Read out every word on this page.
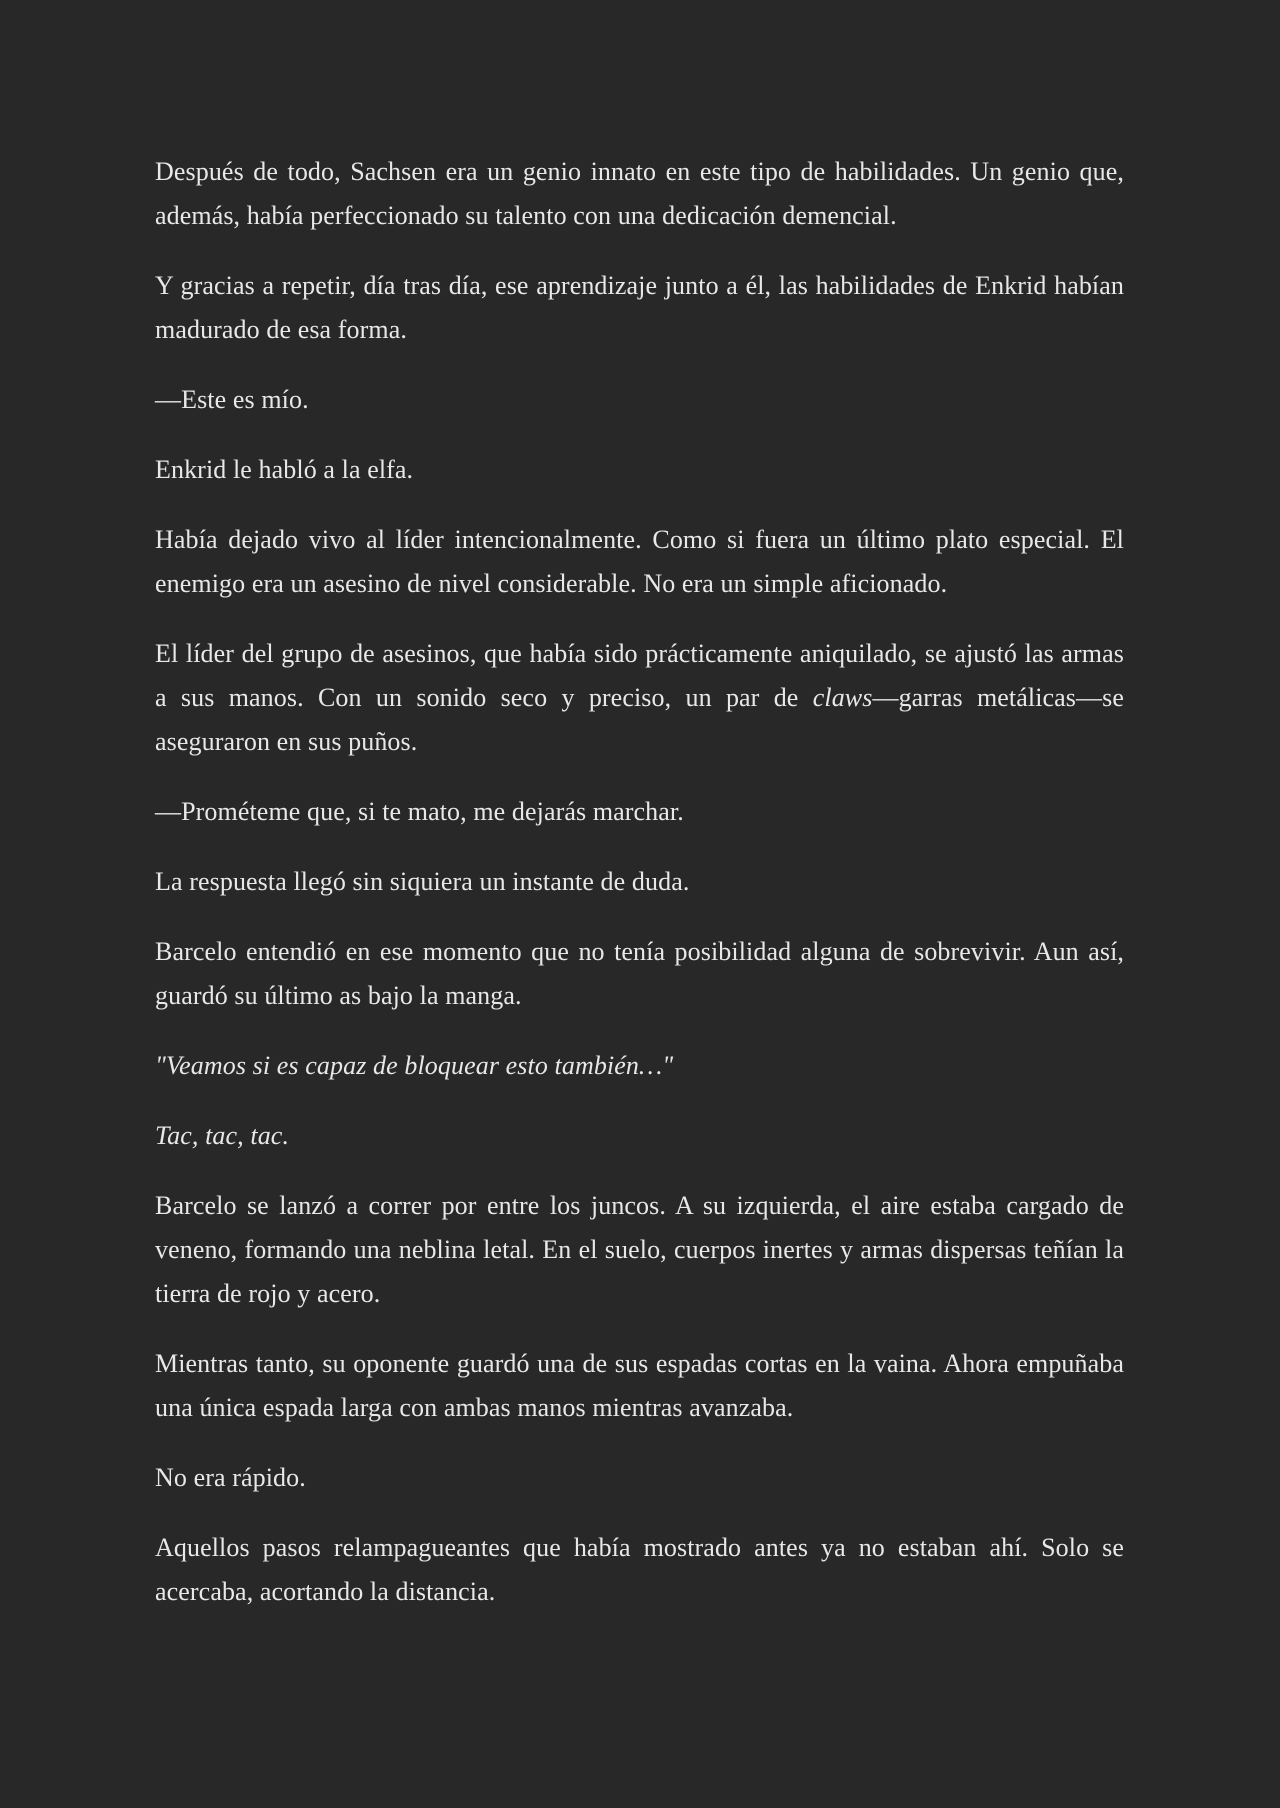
Después de todo, Sachsen era un genio innato en este tipo de habilidades. Un genio que, además, había perfeccionado su talento con una dedicación demencial.

Y gracias a repetir, día tras día, ese aprendizaje junto a él, las habilidades de Enkrid habían madurado de esa forma.

—Este es mío.

Enkrid le habló a la elfa.

Había dejado vivo al líder intencionalmente. Como si fuera un último plato especial. El enemigo era un asesino de nivel considerable. No era un simple aficionado.

El líder del grupo de asesinos, que había sido prácticamente aniquilado, se ajustó las armas a sus manos. Con un sonido seco y preciso, un par de claws—garras metálicas—se aseguraron en sus puños.

—Prométeme que, si te mato, me dejarás marchar.

La respuesta llegó sin siquiera un instante de duda.

Barcelo entendió en ese momento que no tenía posibilidad alguna de sobrevivir. Aun así, guardó su último as bajo la manga.

"Veamos si es capaz de bloquear esto también…"

Tac, tac, tac.

Barcelo se lanzó a correr por entre los juncos. A su izquierda, el aire estaba cargado de veneno, formando una neblina letal. En el suelo, cuerpos inertes y armas dispersas teñían la tierra de rojo y acero.

Mientras tanto, su oponente guardó una de sus espadas cortas en la vaina. Ahora empuñaba una única espada larga con ambas manos mientras avanzaba.

No era rápido.

Aquellos pasos relampagueantes que había mostrado antes ya no estaban ahí. Solo se acercaba, acortando la distancia.
